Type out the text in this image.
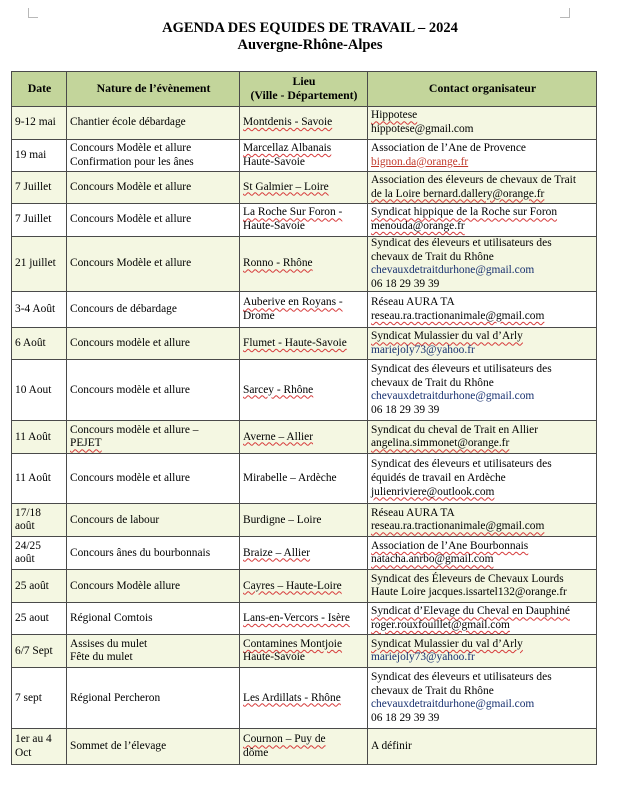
AGENDA DES EQUIDES DE TRAVAIL – 2024
Auvergne-Rhône-Alpes
Date	Nature de l’évènement	Lieu
(Ville - Département)	Contact organisateur

9-12 mai	Chantier école débardage	Montdenis - Savoie	Hippotese
hippotese@gmail.com

19 mai	Concours Modèle et allure
Confirmation pour les ânes	Marcellaz Albanais
Haute-Savoie	Association de l’Ane de Provence
bignon.da@orange.fr

7 Juillet	Concours Modèle et allure	St Galmier – Loire	Association des éleveurs de chevaux de Trait
de la Loire bernard.dallery@orange.fr

7 Juillet	Concours Modèle et allure	La Roche Sur Foron -
Haute-Savoie	Syndicat hippique de la Roche sur Foron
menouda@orange.fr

21 juillet	Concours Modèle et allure	Ronno - Rhône	Syndicat des éleveurs et utilisateurs des
chevaux de Trait du Rhône
chevauxdetraitdurhone@gmail.com
06 18 29 39 39

3-4 Août	Concours de débardage	Auberive en Royans -
Drome	Réseau AURA TA
reseau.ra.tractionanimale@gmail.com

6 Août	Concours modèle et allure	Flumet - Haute-Savoie	Syndicat Mulassier du val d’Arly
mariejoly73@yahoo.fr

10 Aout	Concours modèle et allure	Sarcey - Rhône	Syndicat des éleveurs et utilisateurs des
chevaux de Trait du Rhône
chevauxdetraitdurhone@gmail.com
06 18 29 39 39

11 Août	Concours modèle et allure –
PEJET	Averne – Allier	Syndicat du cheval de Trait en Allier
angelina.simmonet@orange.fr

11 Août	Concours modèle et allure	Mirabelle – Ardèche	Syndicat des éleveurs et utilisateurs des
équidés de travail en Ardèche
julienriviere@outlook.com

17/18
août	Concours de labour	Burdigne – Loire	Réseau AURA TA
reseau.ra.tractionanimale@gmail.com

24/25
août	Concours ânes du bourbonnais	Braize – Allier	Association de l’Ane Bourbonnais
natacha.anrbo@gmail.com

25 août	Concours Modèle allure	Cayres – Haute-Loire	Syndicat des Éleveurs de Chevaux Lourds
Haute Loire jacques.issartel132@orange.fr

25 aout	Régional Comtois	Lans-en-Vercors - Isère	Syndicat d’Elevage du Cheval en Dauphiné
roger.rouxfouillet@gmail.com

6/7 Sept	Assises du mulet
Fête du mulet	Contamines Montjoie
Haute-Savoie	Syndicat Mulassier du val d’Arly
mariejoly73@yahoo.fr

7 sept	Régional Percheron	Les Ardillats - Rhône	Syndicat des éleveurs et utilisateurs des
chevaux de Trait du Rhône
chevauxdetraitdurhone@gmail.com
06 18 29 39 39

1er au 4
Oct	Sommet de l’élevage	Cournon – Puy de
dôme	A définir
